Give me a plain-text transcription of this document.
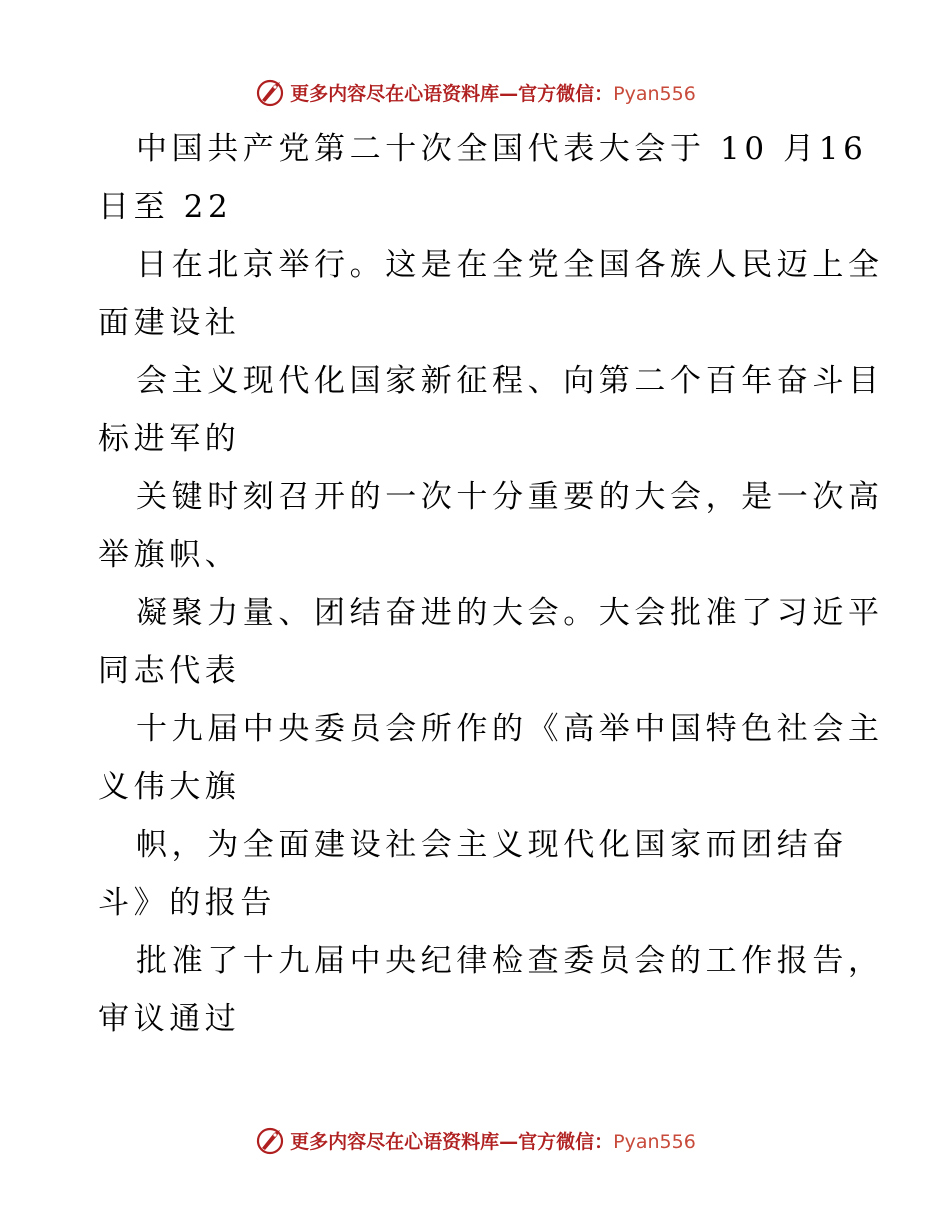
更多内容尽在心语资料库—官方微信：Pyan556
中国共产党第二十次全国代表大会于 10 月16
日至 22
日在北京举行。这是在全党全国各族人民迈上全
面建设社
会主义现代化国家新征程、向第二个百年奋斗目
标进军的
关键时刻召开的一次十分重要的大会，是一次高
举旗帜、
凝聚力量、团结奋进的大会。大会批准了习近平
同志代表
十九届中央委员会所作的《高举中国特色社会主
义伟大旗
帜，为全面建设社会主义现代化国家而团结奋
斗》的报告
批准了十九届中央纪律检查委员会的工作报告，
审议通过
更多内容尽在心语资料库—官方微信：Pyan556
